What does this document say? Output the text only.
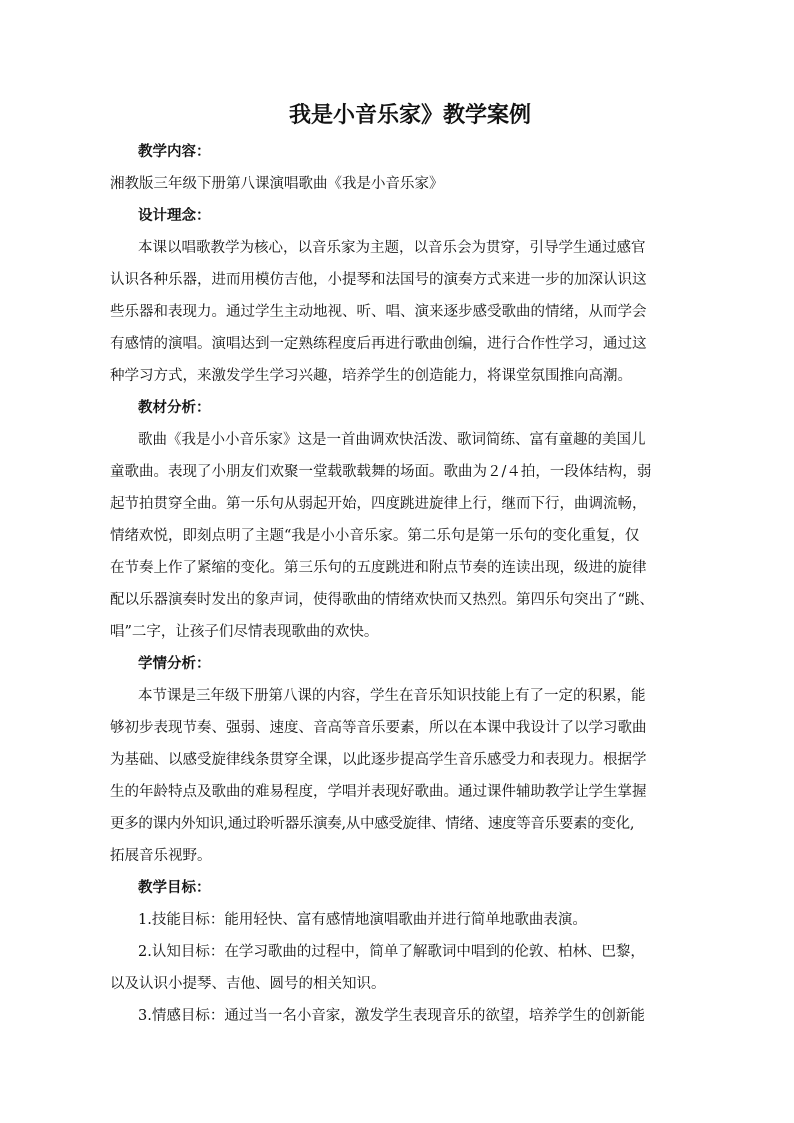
我是小音乐家》教学案例

教学内容：

湘教版三年级下册第八课演唱歌曲《我是小音乐家》

设计理念：

本课以唱歌教学为核心，以音乐家为主题，以音乐会为贯穿，引导学生通过感官
认识各种乐器，进而用模仿吉他，小提琴和法国号的演奏方式来进一步的加深认识这
些乐器和表现力。通过学生主动地视、听、唱、演来逐步感受歌曲的情绪，从而学会
有感情的演唱。演唱达到一定熟练程度后再进行歌曲创编，进行合作性学习，通过这
种学习方式，来激发学生学习兴趣，培养学生的创造能力，将课堂氛围推向高潮。

教材分析：

歌曲《我是小小音乐家》这是一首曲调欢快活泼、歌词简练、富有童趣的美国儿
童歌曲。表现了小朋友们欢聚一堂载歌载舞的场面。歌曲为２/４拍，一段体结构，弱
起节拍贯穿全曲。第一乐句从弱起开始，四度跳进旋律上行，继而下行，曲调流畅，
情绪欢悦，即刻点明了主题“我是小小音乐家。第二乐句是第一乐句的变化重复，仅
在节奏上作了紧缩的变化。第三乐句的五度跳进和附点节奏的连读出现，级进的旋律
配以乐器演奏时发出的象声词，使得歌曲的情绪欢快而又热烈。第四乐句突出了“跳、
唱”二字，让孩子们尽情表现歌曲的欢快。

学情分析：

本节课是三年级下册第八课的内容，学生在音乐知识技能上有了一定的积累，能
够初步表现节奏、强弱、速度、音高等音乐要素，所以在本课中我设计了以学习歌曲
为基础、以感受旋律线条贯穿全课，以此逐步提高学生音乐感受力和表现力。根据学
生的年龄特点及歌曲的难易程度，学唱并表现好歌曲。通过课件辅助教学让学生掌握
更多的课内外知识,通过聆听器乐演奏,从中感受旋律、情绪、速度等音乐要素的变化,
拓展音乐视野。

教学目标：

1.技能目标：能用轻快、富有感情地演唱歌曲并进行简单地歌曲表演。
2.认知目标：在学习歌曲的过程中，简单了解歌词中唱到的伦敦、柏林、巴黎，
以及认识小提琴、吉他、圆号的相关知识。
3.情感目标：通过当一名小音家，激发学生表现音乐的欲望，培养学生的创新能
